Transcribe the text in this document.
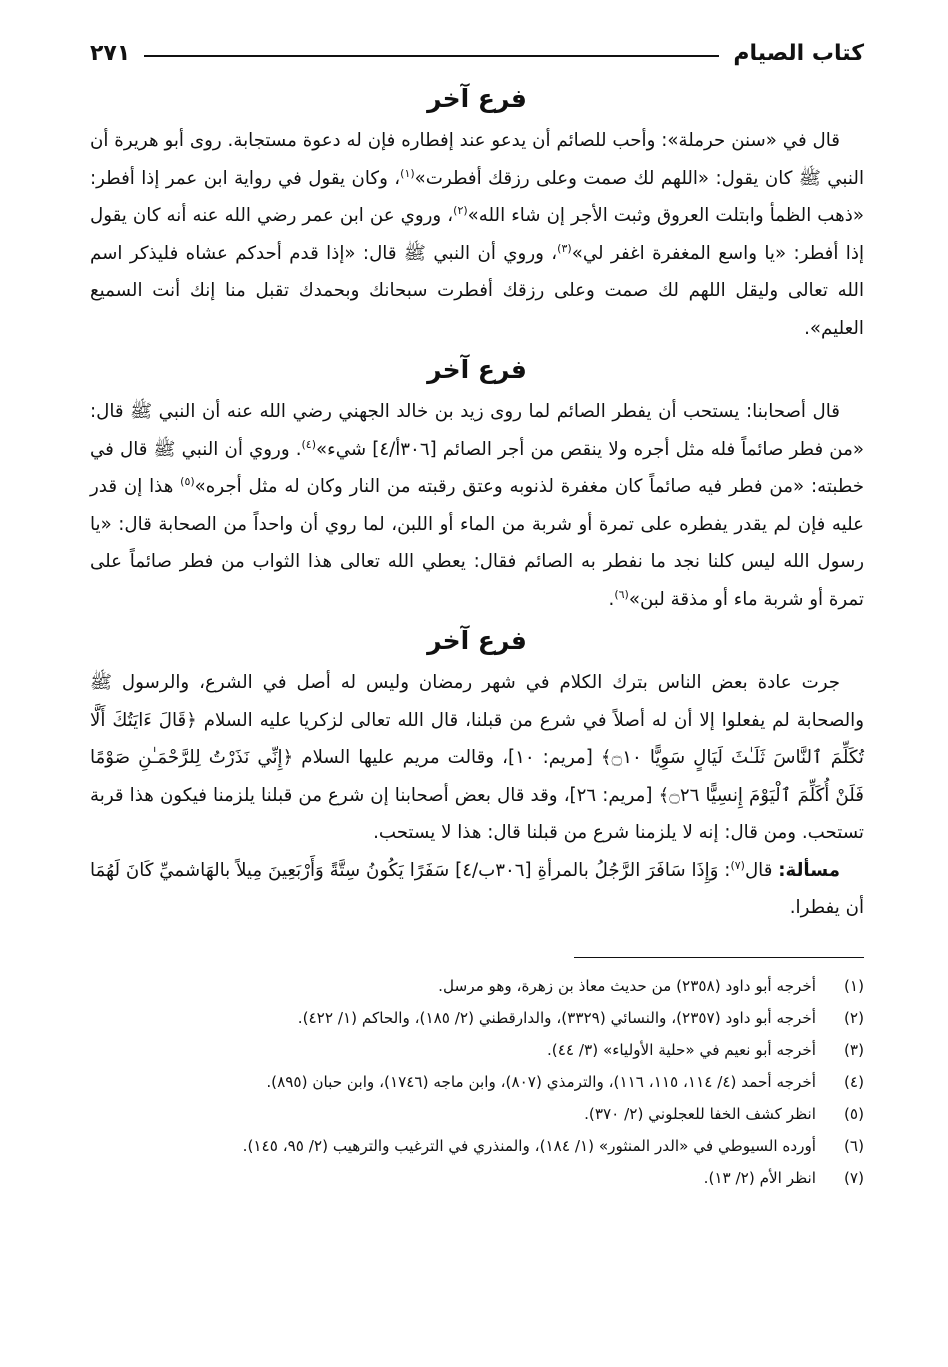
كتاب الصيام
٢٧١
فرع آخر

قال في «سنن حرملة»: وأحب للصائم أن يدعو عند إفطاره فإن له دعوة مستجابة. روى أبو هريرة أن النبي ﷺ كان يقول: «اللهم لك صمت وعلى رزقك أفطرت»$^{(١)}$، وكان يقول في رواية ابن عمر إذا أفطر: «ذهب الظمأ وابتلت العروق وثبت الأجر إن شاء الله»$^{(٢)}$، وروي عن ابن عمر رضي الله عنه أنه كان يقول إذا أفطر: «يا واسع المغفرة اغفر لي»$^{(٣)}$، وروي أن النبي ﷺ قال: «إذا قدم أحدكم عشاه فليذكر اسم الله تعالى وليقل اللهم لك صمت وعلى رزقك أفطرت سبحانك وبحمدك تقبل منا إنك أنت السميع العليم».

فرع آخر

قال أصحابنا: يستحب أن يفطر الصائم لما روى زيد بن خالد الجهني رضي الله عنه أن النبي ﷺ قال: «من فطر صائماً فله مثل أجره ولا ينقص من أجر الصائم [٣٠٦أ/٤] شيء»$^{(٤)}$. وروي أن النبي ﷺ قال في خطبته: «من فطر فيه صائماً كان مغفرة لذنوبه وعتق رقبته من النار وكان له مثل أجره»$^{(٥)}$ هذا إن قدر عليه فإن لم يقدر يفطره على تمرة أو شربة من الماء أو اللبن، لما روي أن واحداً من الصحابة قال: «يا رسول الله ليس كلنا نجد ما نفطر به الصائم فقال: يعطي الله تعالى هذا الثواب من فطر صائماً على تمرة أو شربة ماء أو مذقة لبن»$^{(٦)}$.

فرع آخر

جرت عادة بعض الناس بترك الكلام في شهر رمضان وليس له أصل في الشرع، والرسول ﷺ والصحابة لم يفعلوا إلا أن له أصلاً في شرع من قبلنا، قال الله تعالى لزكريا عليه السلام ﴿قَالَ ءَايَتُكَ أَلَّا تُكَلِّمَ ٱلنَّاسَ ثَلَـٰثَ لَيَالٍ سَوِيًّا ۝١٠﴾ [مريم: ١٠]، وقالت مريم عليها السلام ﴿إِنِّي نَذَرْتُ لِلرَّحْمَـٰنِ صَوْمًا فَلَنْ أُكَلِّمَ ٱلْيَوْمَ إِنسِيًّا ۝٢٦﴾ [مريم: ٢٦]، وقد قال بعض أصحابنا إن شرع من قبلنا يلزمنا فيكون هذا قربة تستحب. ومن قال: إنه لا يلزمنا شرع من قبلنا قال: هذا لا يستحب.

مسألة: قال$^{(٧)}$: وَإِذَا سَافَرَ الرَّجُلُ بالمرأةِ [٣٠٦ب/٤] سَفَرًا يَكُونُ سِتَّةً وَأَرْبَعِينَ مِيلاً بالهَاشميِّ كَانَ لَهُمَا أن يفطرا.

(١)
أخرجه أبو داود (٢٣٥٨) من حديث معاذ بن زهرة، وهو مرسل.
(٢)
أخرجه أبو داود (٢٣٥٧)، والنسائي (٣٣٢٩)، والدارقطني (٢/ ١٨٥)، والحاكم (١/ ٤٢٢).
(٣)
أخرجه أبو نعيم في «حلية الأولياء» (٣/ ٤٤).
(٤)
أخرجه أحمد (٤/ ١١٤، ١١٥، ١١٦)، والترمذي (٨٠٧)، وابن ماجه (١٧٤٦)، وابن حبان (٨٩٥).
(٥)
انظر كشف الخفا للعجلوني (٢/ ٣٧٠).
(٦)
أورده السيوطي في «الدر المنثور» (١/ ١٨٤)، والمنذري في الترغيب والترهيب (٢/ ٩٥، ١٤٥).
(٧)
انظر الأم (٢/ ١٣).
